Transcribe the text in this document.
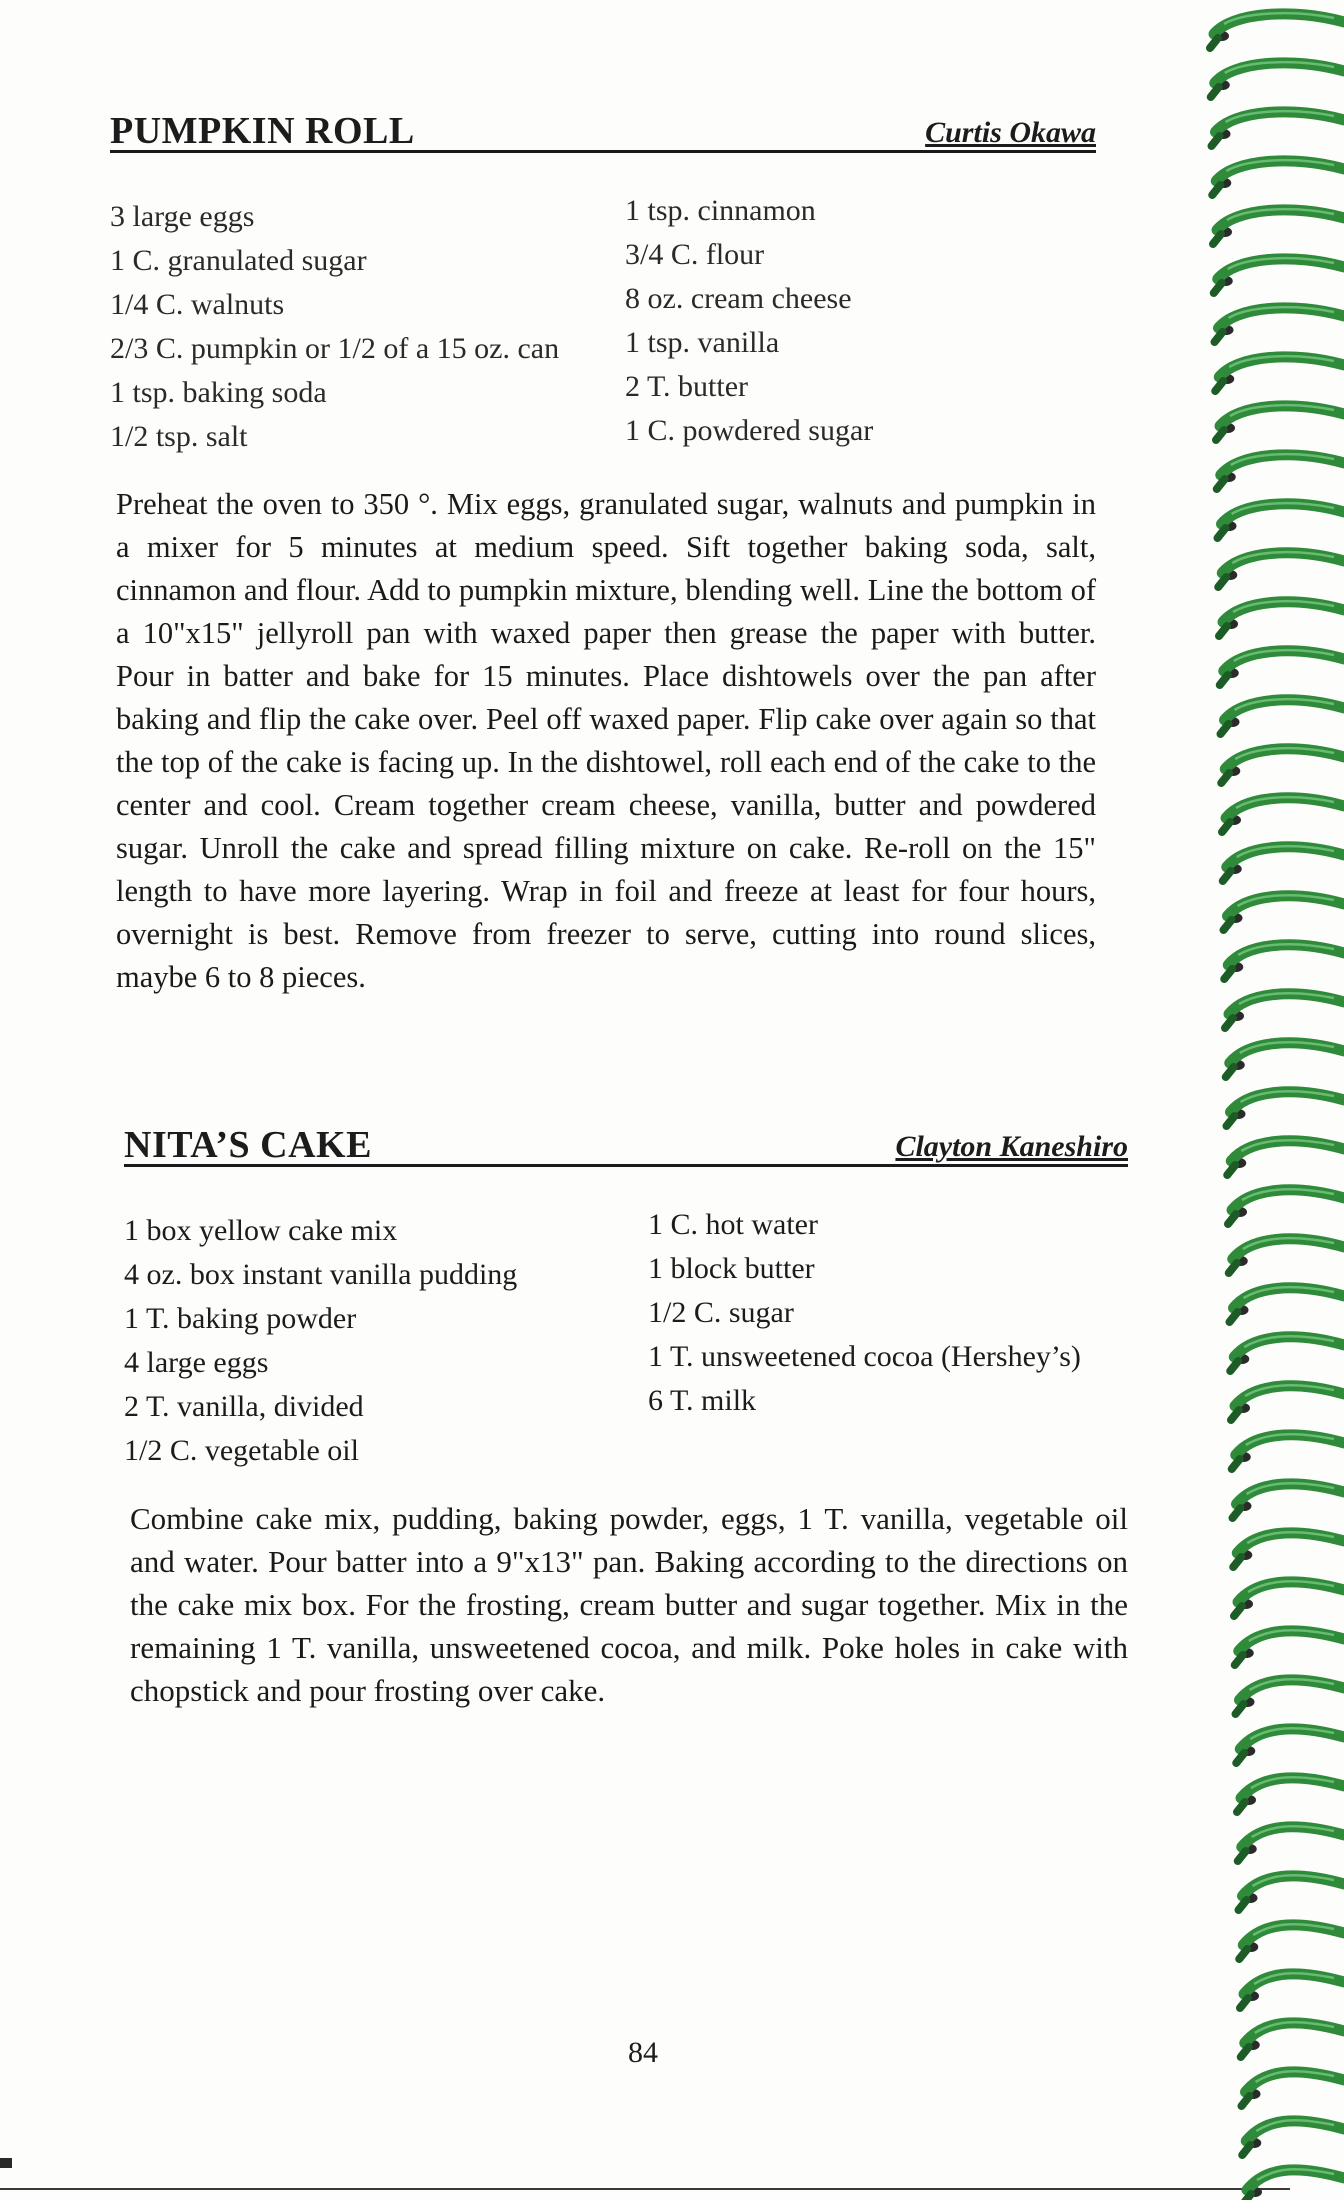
PUMPKIN ROLL	Curtis Okawa
3 large eggs
1 C. granulated sugar
1/4 C. walnuts
2/3 C. pumpkin or 1/2 of a 15 oz. can
1 tsp. baking soda
1/2 tsp. salt
1 tsp. cinnamon
3/4 C. flour
8 oz. cream cheese
1 tsp. vanilla
2 T. butter
1 C. powdered sugar

Preheat the oven to 350 °. Mix eggs, granulated sugar, walnuts and pumpkin in a mixer for 5 minutes at medium speed. Sift together baking soda, salt, cinnamon and flour. Add to pumpkin mixture, blending well. Line the bottom of a 10"x15" jellyroll pan with waxed paper then grease the paper with butter. Pour in batter and bake for 15 minutes. Place dishtowels over the pan after baking and flip the cake over. Peel off waxed paper. Flip cake over again so that the top of the cake is facing up. In the dishtowel, roll each end of the cake to the center and cool. Cream together cream cheese, vanilla, butter and powdered sugar. Unroll the cake and spread filling mixture on cake. Re-roll on the 15" length to have more layering. Wrap in foil and freeze at least for four hours, overnight is best. Remove from freezer to serve, cutting into round slices, maybe 6 to 8 pieces.

NITA’S CAKE	Clayton Kaneshiro
1 box yellow cake mix
4 oz. box instant vanilla pudding
1 T. baking powder
4 large eggs
2 T. vanilla, divided
1/2 C. vegetable oil
1 C. hot water
1 block butter
1/2 C. sugar
1 T. unsweetened cocoa (Hershey’s)
6 T. milk

Combine cake mix, pudding, baking powder, eggs, 1 T. vanilla, vegetable oil and water. Pour batter into a 9"x13" pan. Baking according to the directions on the cake mix box. For the frosting, cream butter and sugar together. Mix in the remaining 1 T. vanilla, unsweetened cocoa, and milk. Poke holes in cake with chopstick and pour frosting over cake.

84
